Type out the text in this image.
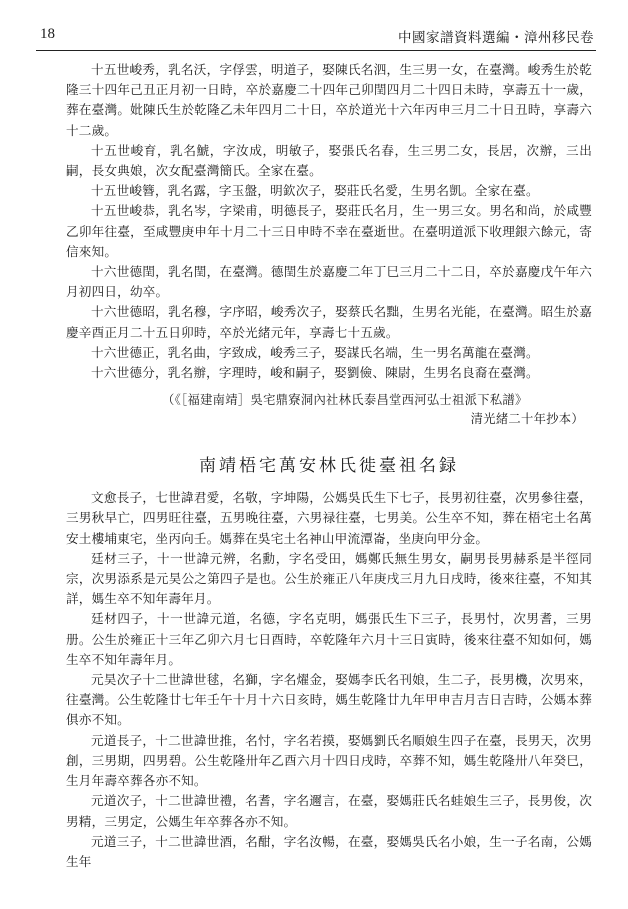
18	中國家譜資料選編・漳州移民卷

十五世峻秀，乳名沃，字俘雲，明道子，娶陳氏名泗，生三男一女，在臺灣。峻秀生於乾隆三十四年己丑正月初一日時，卒於嘉慶二十四年己卯閏四月二十四日未時，享壽五十一歲，葬在臺灣。妣陳氏生於乾隆乙未年四月二十日，卒於道光十六年丙申三月二十日丑時，享壽六十二歲。

十五世峻育，乳名鯱，字汝成，明敏子，娶張氏名春，生三男二女，長居，次辦，三出嗣，長女典娘，次女配臺灣簡氏。全家在臺。

十五世峻簪，乳名露，字玉盤，明欽次子，娶莊氏名愛，生男名凱。全家在臺。

十五世峻恭，乳名岑，字梁甫，明德長子，娶莊氏名月，生一男三女。男名和尚，於咸豐乙卯年往臺，至咸豐庚申年十月二十三日申時不幸在臺逝世。在臺明道派下收理銀六餘元，寄信來知。

十六世德閏，乳名閏，在臺灣。德閏生於嘉慶二年丁巳三月二十二日，卒於嘉慶戊午年六月初四日，幼卒。

十六世德昭，乳名穆，字序昭，峻秀次子，娶蔡氏名黜，生男名光能，在臺灣。昭生於嘉慶辛酉正月二十五日卯時，卒於光緒元年，享壽七十五歲。

十六世德正，乳名曲，字致成，峻秀三子，娶謀氏名端，生一男名萬龍在臺灣。

十六世德分，乳名辦，字理時，峻和嗣子，娶劉儉、陳尉，生男名良裔在臺灣。

（《［福建南靖］吳宅鼎寮洞內社林氏泰昌堂西河弘士祖派下私譜》

清光緒二十年抄本）

南靖梧宅萬安林氏徙臺祖名録

文愈長子，七世諱君愛，名敬，字坤陽，公媽吳氏生下七子，長男初往臺，次男參往臺，三男秋早亡，四男旺往臺，五男晚往臺，六男禄往臺，七男美。公生卒不知，葬在梧宅土名萬安土樓埔東宅，坐丙向壬。媽葬在吳宅土名神山甲流潭崙，坐庚向甲分金。

廷材三子，十一世諱元辨，名勳，字名受田，媽鄭氏無生男女，嗣男長男赫系是半徑同宗，次男添系是元昊公之第四子是也。公生於雍正八年庚戌三月九日戌時，後來往臺，不知其詳，媽生卒不知年壽年月。

廷材四子，十一世諱元道，名德，字名克明，媽張氏生下三子，長男忖，次男耆，三男册。公生於雍正十三年乙卯六月七日酉時，卒乾隆年六月十三日寅時，後來往臺不知如何，媽生卒不知年壽年月。

元昊次子十二世諱世毬，名獅，字名燿金，娶媽李氏名刊娘，生二子，長男機，次男來，往臺灣。公生乾隆廿七年壬午十月十六日亥時，媽生乾隆廿九年甲申吉月吉日吉時，公媽本葬俱亦不知。

元道長子，十二世諱世推，名忖，字名若摸，娶媽劉氏名順娘生四子在臺，長男天，次男創，三男期，四男碧。公生乾隆卅年乙酉六月十四日戌時，卒葬不知，媽生乾隆卅八年癸巳，生月年壽卒葬各亦不知。

元道次子，十二世諱世禮，名耆，字名邇言，在臺，娶媽莊氏名蛙娘生三子，長男俊，次男精，三男定，公媽生年卒葬各亦不知。

元道三子，十二世諱世酒，名酣，字名汝暢，在臺，娶媽吳氏名小娘，生一子名南，公媽生年
